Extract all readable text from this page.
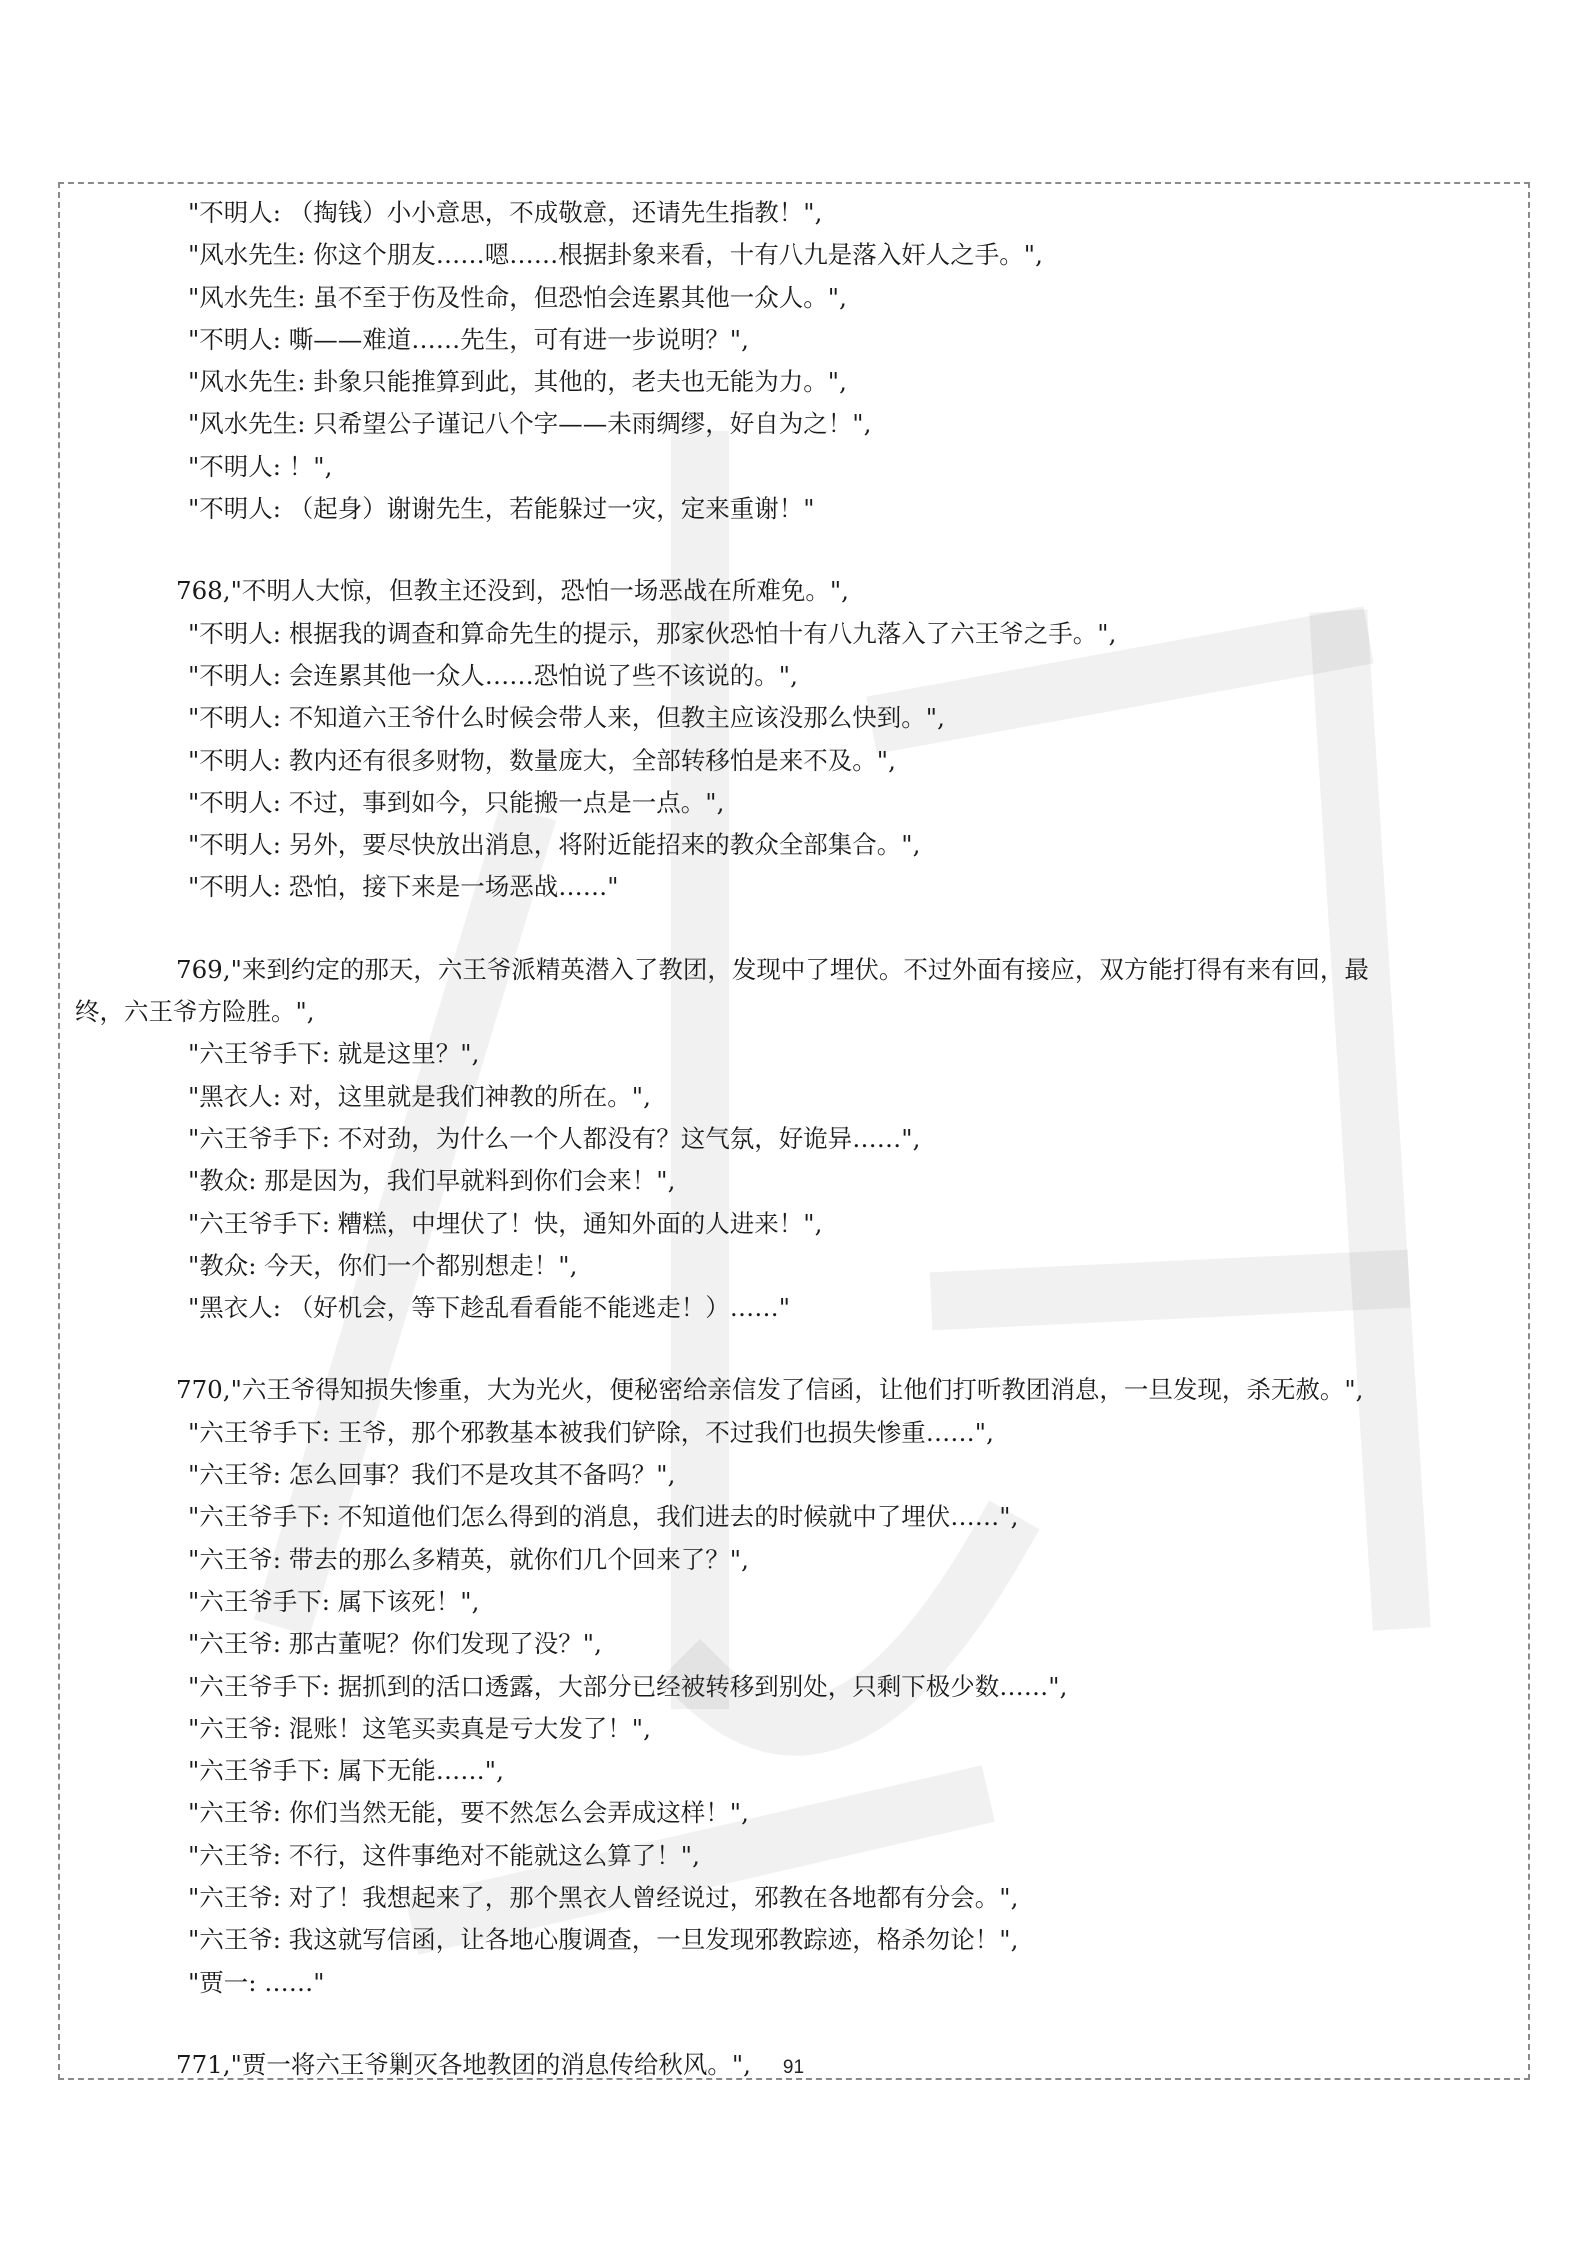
"不明人: （掏钱）小小意思，不成敬意，还请先生指教！",
"风水先生: 你这个朋友……嗯……根据卦象来看，十有八九是落入奸人之手。",
"风水先生: 虽不至于伤及性命，但恐怕会连累其他一众人。",
"不明人: 嘶——难道……先生，可有进一步说明？",
"风水先生: 卦象只能推算到此，其他的，老夫也无能为力。",
"风水先生: 只希望公子谨记八个字——未雨绸缪，好自为之！",
"不明人: ！",
"不明人: （起身）谢谢先生，若能躲过一灾，定来重谢！"
768,"不明人大惊，但教主还没到，恐怕一场恶战在所难免。",
"不明人: 根据我的调查和算命先生的提示，那家伙恐怕十有八九落入了六王爷之手。",
"不明人: 会连累其他一众人……恐怕说了些不该说的。",
"不明人: 不知道六王爷什么时候会带人来，但教主应该没那么快到。",
"不明人: 教内还有很多财物，数量庞大，全部转移怕是来不及。",
"不明人: 不过，事到如今，只能搬一点是一点。",
"不明人: 另外，要尽快放出消息，将附近能招来的教众全部集合。",
"不明人: 恐怕，接下来是一场恶战……"
769,"来到约定的那天，六王爷派精英潜入了教团，发现中了埋伏。不过外面有接应，双方能打得有来有回，最
终，六王爷方险胜。",
"六王爷手下: 就是这里？",
"黑衣人: 对，这里就是我们神教的所在。",
"六王爷手下: 不对劲，为什么一个人都没有？这气氛，好诡异……",
"教众: 那是因为，我们早就料到你们会来！",
"六王爷手下: 糟糕，中埋伏了！快，通知外面的人进来！",
"教众: 今天，你们一个都别想走！",
"黑衣人: （好机会，等下趁乱看看能不能逃走！）……"
770,"六王爷得知损失惨重，大为光火，便秘密给亲信发了信函，让他们打听教团消息，一旦发现，杀无赦。",
"六王爷手下: 王爷，那个邪教基本被我们铲除，不过我们也损失惨重……",
"六王爷: 怎么回事？我们不是攻其不备吗？",
"六王爷手下: 不知道他们怎么得到的消息，我们进去的时候就中了埋伏……",
"六王爷: 带去的那么多精英，就你们几个回来了？",
"六王爷手下: 属下该死！",
"六王爷: 那古董呢？你们发现了没？",
"六王爷手下: 据抓到的活口透露，大部分已经被转移到别处，只剩下极少数……",
"六王爷: 混账！这笔买卖真是亏大发了！",
"六王爷手下: 属下无能……",
"六王爷: 你们当然无能，要不然怎么会弄成这样！",
"六王爷: 不行，这件事绝对不能就这么算了！",
"六王爷: 对了！我想起来了，那个黑衣人曾经说过，邪教在各地都有分会。",
"六王爷: 我这就写信函，让各地心腹调查，一旦发现邪教踪迹，格杀勿论！",
"贾一: ……"
771,"贾一将六王爷剿灭各地教团的消息传给秋风。",	91
